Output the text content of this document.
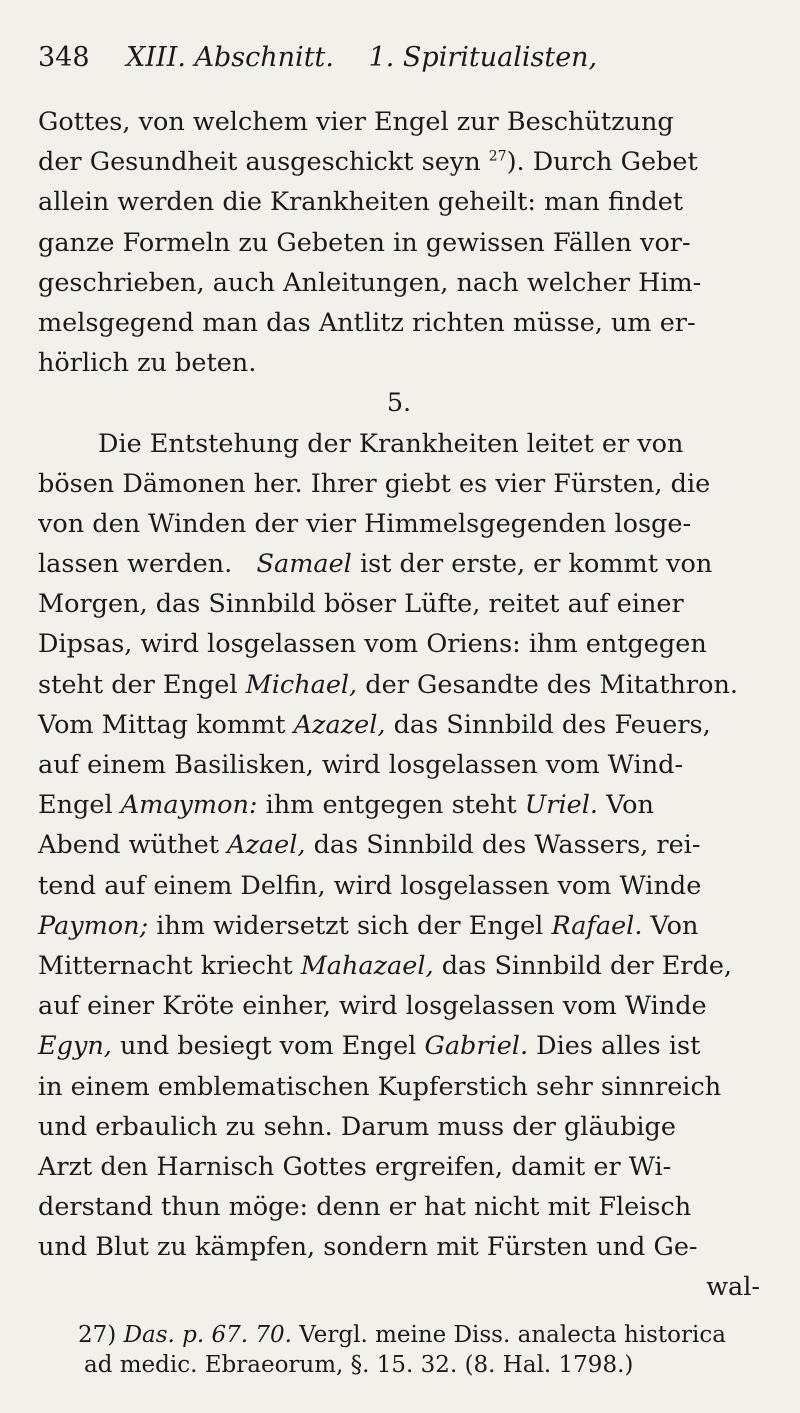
348 XIII. Abschnitt. 1. Spiritualisten,
Gottes, von welchem vier Engel zur Beschützung
der Gesundheit ausgeschickt seyn $^{27}$). Durch Gebet
allein werden die Krankheiten geheilt: man findet
ganze Formeln zu Gebeten in gewissen Fällen vor-
geschrieben, auch Anleitungen, nach welcher Him-
melsgegend man das Antlitz richten müsse, um er-
hörlich zu beten.
5.
Die Entstehung der Krankheiten leitet er von
bösen Dämonen her. Ihrer giebt es vier Fürsten, die
von den Winden der vier Himmelsgegenden losge-
lassen werden. Samael ist der erste, er kommt von
Morgen, das Sinnbild böser Lüfte, reitet auf einer
Dipsas, wird losgelassen vom Oriens: ihm entgegen
steht der Engel Michael, der Gesandte des Mitathron.
Vom Mittag kommt Azazel, das Sinnbild des Feuers,
auf einem Basilisken, wird losgelassen vom Wind-
Engel Amaymon: ihm entgegen steht Uriel. Von
Abend wüthet Azael, das Sinnbild des Wassers, rei-
tend auf einem Delfin, wird losgelassen vom Winde
Paymon; ihm widersetzt sich der Engel Rafael. Von
Mitternacht kriecht Mahazael, das Sinnbild der Erde,
auf einer Kröte einher, wird losgelassen vom Winde
Egyn, und besiegt vom Engel Gabriel. Dies alles ist
in einem emblematischen Kupferstich sehr sinnreich
und erbaulich zu sehn. Darum muss der gläubige
Arzt den Harnisch Gottes ergreifen, damit er Wi-
derstand thun möge: denn er hat nicht mit Fleisch
und Blut zu kämpfen, sondern mit Fürsten und Ge-
wal-
27) Das. p. 67. 70. Vergl. meine Diss. analecta historica
ad medic. Ebraeorum, §. 15. 32. (8. Hal. 1798.)
